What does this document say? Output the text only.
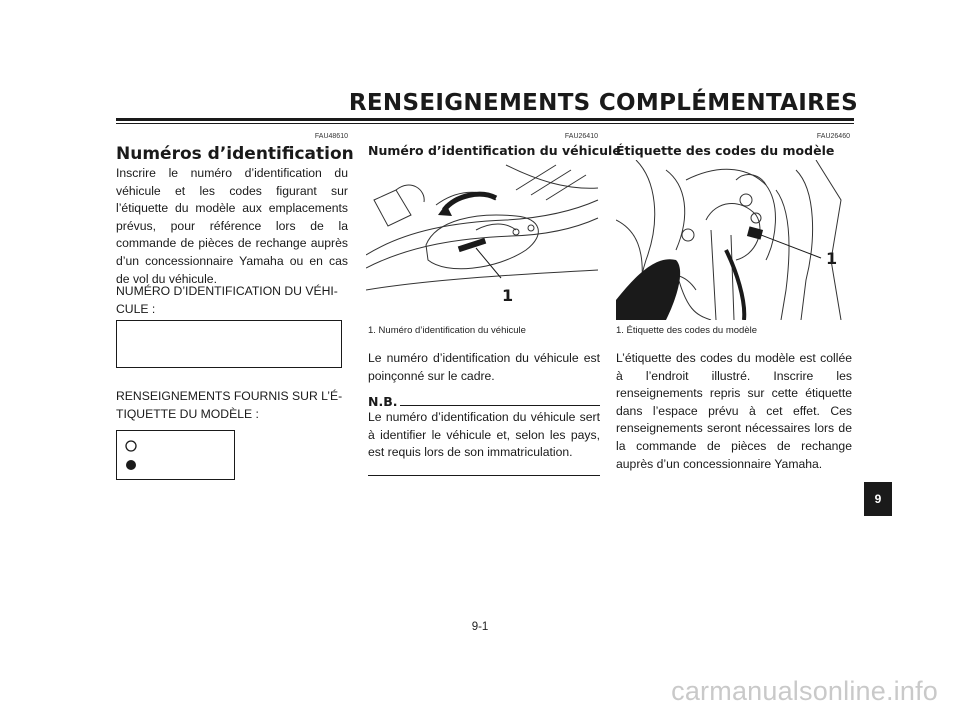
RENSEIGNEMENTS COMPLÉMENTAIRES
FAU48610
Numéros d’identification
Inscrire le numéro d’identification du véhicule et les codes figurant sur l’étiquette du modèle aux emplacements prévus, pour référence lors de la commande de pièces de rechange auprès d’un concessionnaire Yamaha ou en cas de vol du véhicule.
NUMÉRO D’IDENTIFICATION DU VÉHI-
CULE :
RENSEIGNEMENTS FOURNIS SUR L’É-
TIQUETTE DU MODÈLE :
FAU26410
Numéro d’identification du véhicule
1
1. Numéro d’identification du véhicule
Le numéro d’identification du véhicule est poinçonné sur le cadre.
N.B.
Le numéro d’identification du véhicule sert à identifier le véhicule et, selon les pays, est requis lors de son immatriculation.
FAU26460
Étiquette des codes du modèle
1
1. Étiquette des codes du modèle
L’étiquette des codes du modèle est collée à l’endroit illustré. Inscrire les renseignements repris sur cette étiquette dans l’espace prévu à cet effet. Ces renseignements seront nécessaires lors de la commande de pièces de rechange auprès d’un concessionnaire Yamaha.
9
9-1
carmanualsonline.info
